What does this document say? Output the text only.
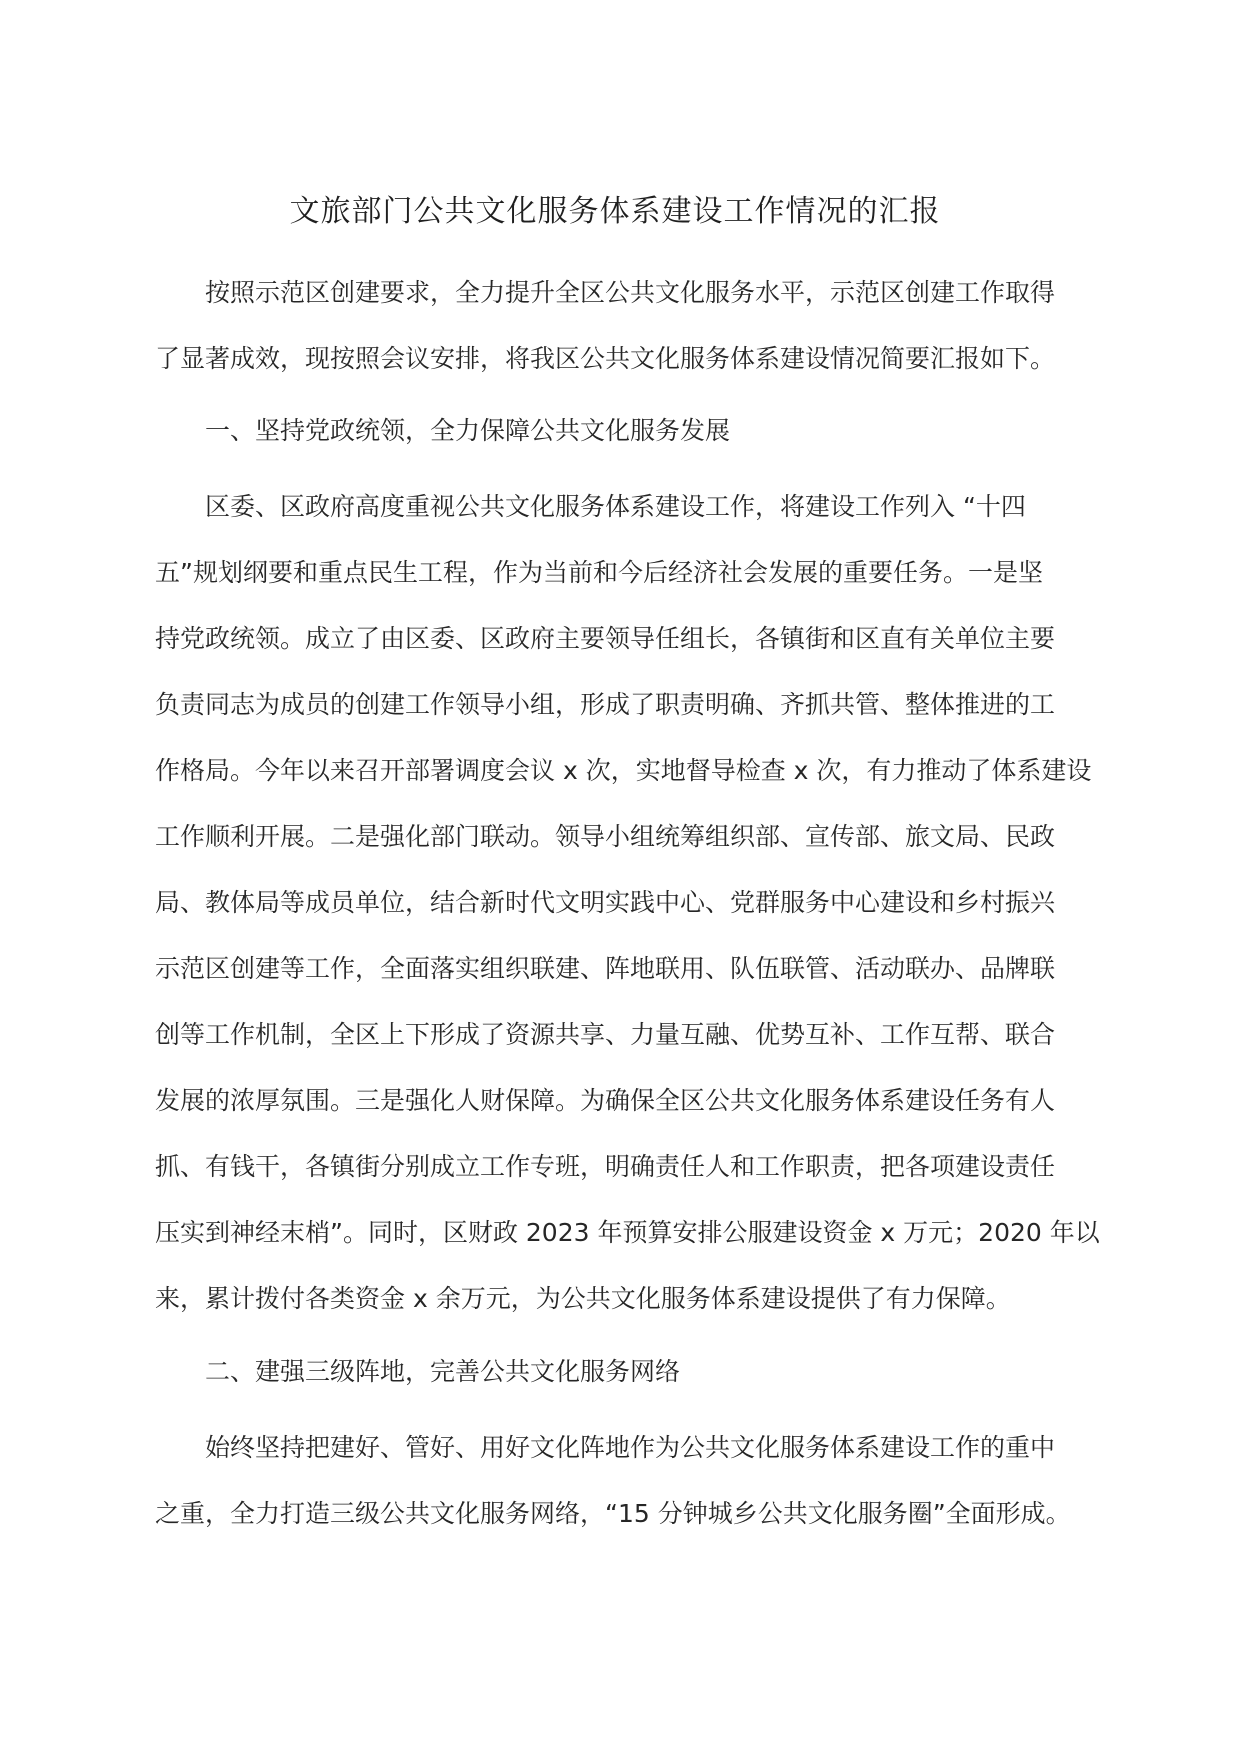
文旅部门公共文化服务体系建设工作情况的汇报

按照示范区创建要求，全力提升全区公共文化服务水平，示范区创建工作取得

了显著成效，现按照会议安排，将我区公共文化服务体系建设情况简要汇报如下。

一、坚持党政统领，全力保障公共文化服务发展

区委、区政府高度重视公共文化服务体系建设工作，将建设工作列入 “十四

五”规划纲要和重点民生工程，作为当前和今后经济社会发展的重要任务。一是坚

持党政统领。成立了由区委、区政府主要领导任组长，各镇街和区直有关单位主要

负责同志为成员的创建工作领导小组，形成了职责明确、齐抓共管、整体推进的工

作格局。今年以来召开部署调度会议 x 次，实地督导检查 x 次，有力推动了体系建设

工作顺利开展。二是强化部门联动。领导小组统筹组织部、宣传部、旅文局、民政

局、教体局等成员单位，结合新时代文明实践中心、党群服务中心建设和乡村振兴

示范区创建等工作，全面落实组织联建、阵地联用、队伍联管、活动联办、品牌联

创等工作机制，全区上下形成了资源共享、力量互融、优势互补、工作互帮、联合

发展的浓厚氛围。三是强化人财保障。为确保全区公共文化服务体系建设任务有人

抓、有钱干，各镇街分别成立工作专班，明确责任人和工作职责，把各项建设责任

压实到神经末梢”。同时，区财政 2023 年预算安排公服建设资金 x 万元；2020 年以

来，累计拨付各类资金 x 余万元，为公共文化服务体系建设提供了有力保障。

二、建强三级阵地，完善公共文化服务网络

始终坚持把建好、管好、用好文化阵地作为公共文化服务体系建设工作的重中

之重，全力打造三级公共文化服务网络，“15 分钟城乡公共文化服务圈”全面形成。
